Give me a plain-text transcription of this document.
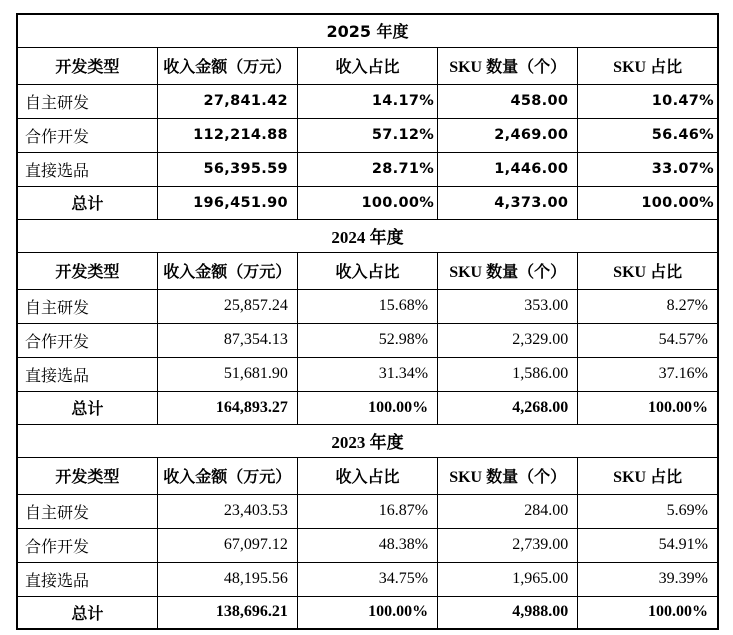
2025 年度				
开发类型	收入金额（万元）	收入占比	SKU 数量（个）	SKU 占比
自主研发	27,841.42	14.17%	458.00	10.47%
合作开发	112,214.88	57.12%	2,469.00	56.46%
直接选品	56,395.59	28.71%	1,446.00	33.07%
总计	196,451.90	100.00%	4,373.00	100.00%
2024 年度				
开发类型	收入金额（万元）	收入占比	SKU 数量（个）	SKU 占比
自主研发	25,857.24	15.68%	353.00	8.27%
合作开发	87,354.13	52.98%	2,329.00	54.57%
直接选品	51,681.90	31.34%	1,586.00	37.16%
总计	164,893.27	100.00%	4,268.00	100.00%
2023 年度				
开发类型	收入金额（万元）	收入占比	SKU 数量（个）	SKU 占比
自主研发	23,403.53	16.87%	284.00	5.69%
合作开发	67,097.12	48.38%	2,739.00	54.91%
直接选品	48,195.56	34.75%	1,965.00	39.39%
总计	138,696.21	100.00%	4,988.00	100.00%
